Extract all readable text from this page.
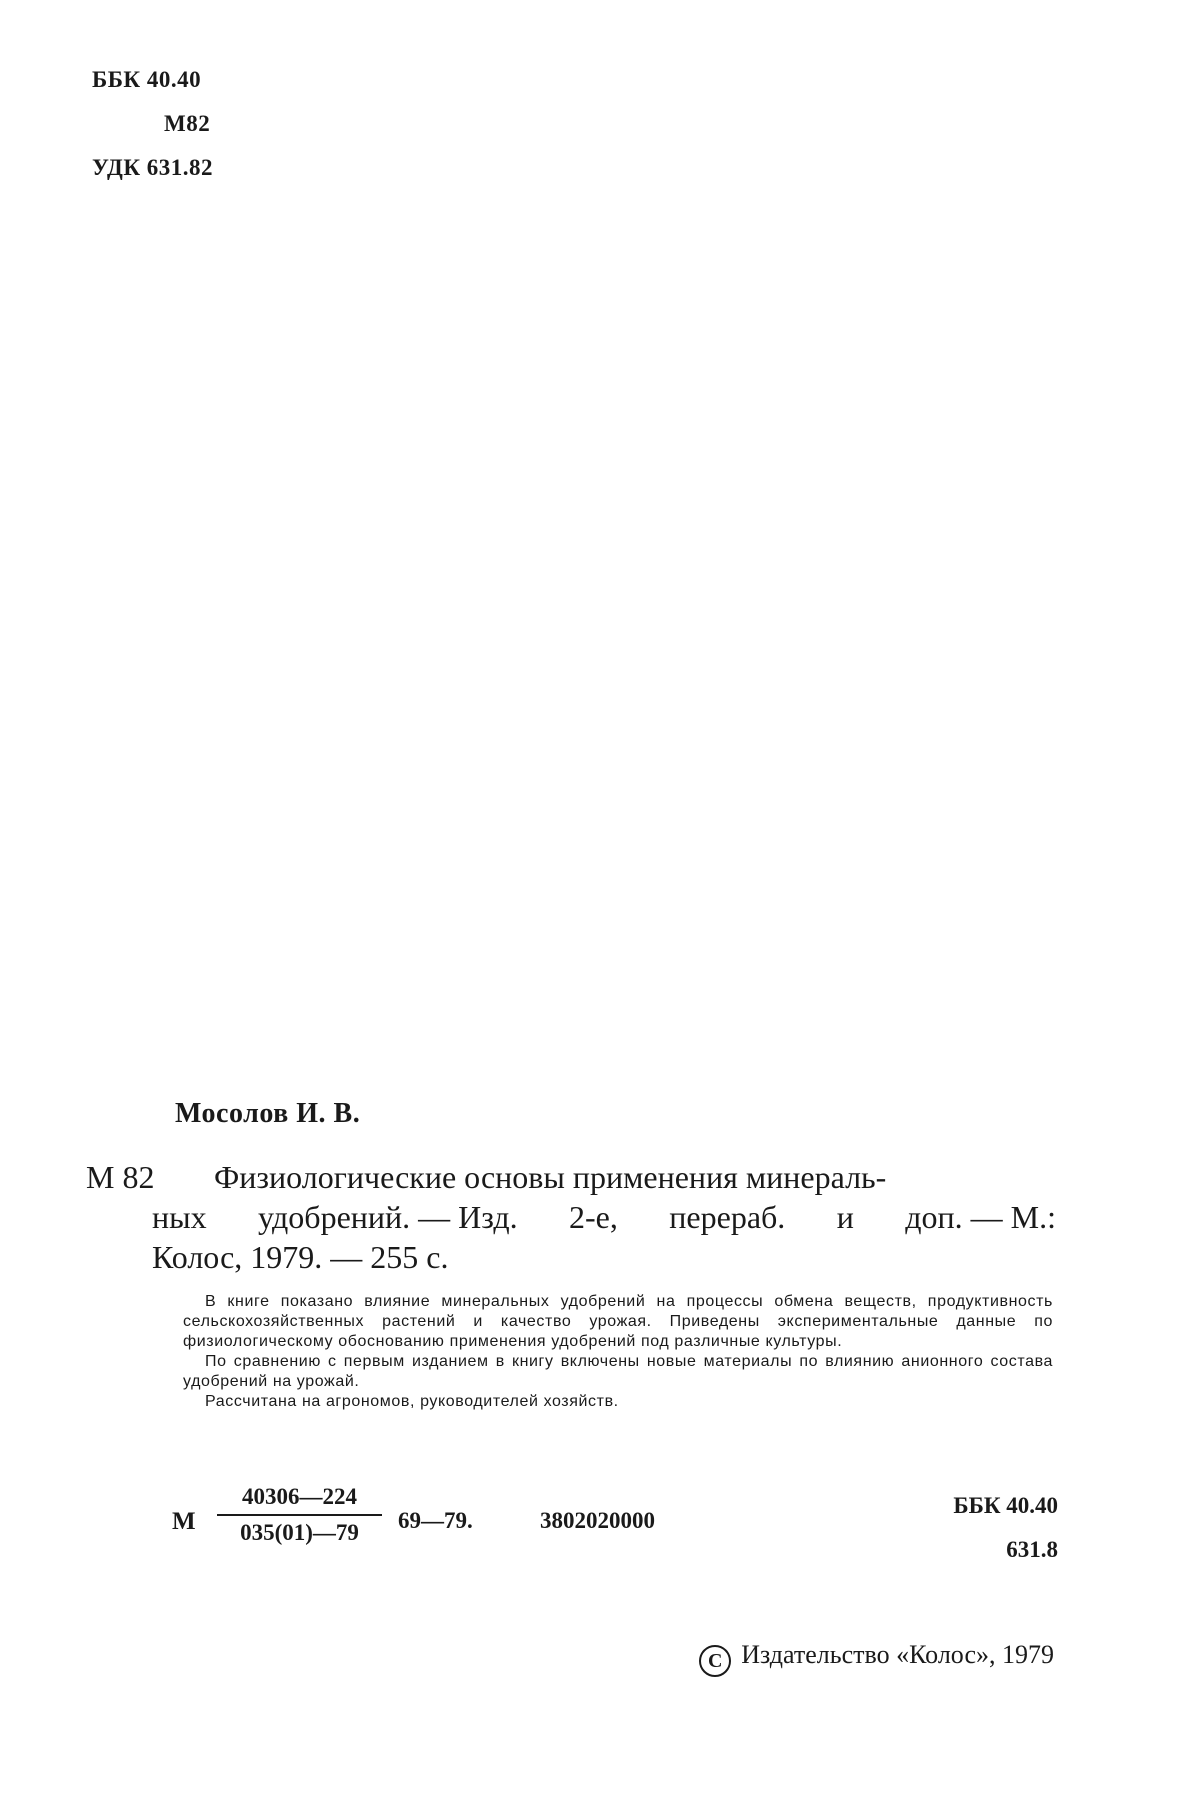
ББК 40.40
М82
УДК 631.82
Мосолов И. В.
М 82 Физиологические основы применения минераль-
ных удобрений. — Изд. 2-е, перераб. и доп. — М.:
Колос, 1979. — 255 с.

В книге показано влияние минеральных удобрений на процессы обмена веществ, продуктивность сельскохозяйственных растений и качество урожая. Приведены экспериментальные данные по физиологическому обоснованию применения удобрений под различные культуры.

По сравнению с первым изданием в книгу включены новые материалы по влиянию анионного состава удобрений на урожай.

Рассчитана на агрономов, руководителей хозяйств.

М $\frac{40306—224}{035(01)—79}$ 69—79.	3802020000
ББК 40.40
631.8
С Издательство «Колос», 1979
